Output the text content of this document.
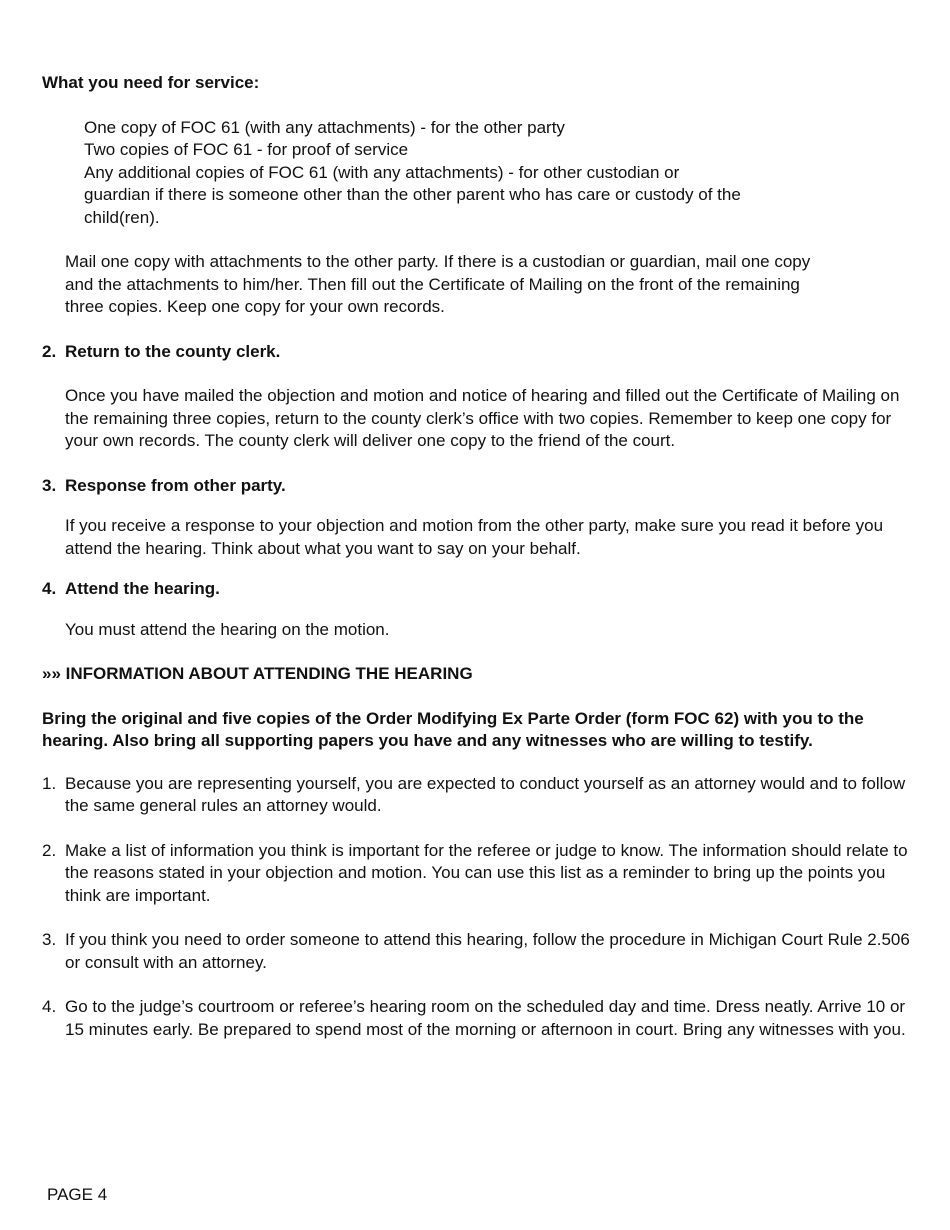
What you need for service:
One copy of FOC 61 (with any attachments) - for the other party
Two copies of FOC 61 - for proof of service
Any additional copies of FOC 61 (with any attachments) - for other custodian or
guardian if there is someone other than the other parent who has care or custody of the
child(ren).
Mail one copy with attachments to the other party. If there is a custodian or guardian, mail one copy and the attachments to him/her. Then fill out the Certificate of Mailing on the front of the remaining three copies. Keep one copy for your own records.
2. Return to the county clerk.
Once you have mailed the objection and motion and notice of hearing and filled out the Certificate of Mailing on the remaining three copies, return to the county clerk’s office with two copies. Remember to keep one copy for your own records. The county clerk will deliver one copy to the friend of the court.
3. Response from other party.
If you receive a response to your objection and motion from the other party, make sure you read it before you attend the hearing. Think about what you want to say on your behalf.
4. Attend the hearing.
You must attend the hearing on the motion.
»» INFORMATION ABOUT ATTENDING THE HEARING
Bring the original and five copies of the Order Modifying Ex Parte Order (form FOC 62) with you to the hearing. Also bring all supporting papers you have and any witnesses who are willing to testify.
1. Because you are representing yourself, you are expected to conduct yourself as an attorney would and to follow the same general rules an attorney would.
2. Make a list of information you think is important for the referee or judge to know. The information should relate to the reasons stated in your objection and motion. You can use this list as a reminder to bring up the points you think are important.
3. If you think you need to order someone to attend this hearing, follow the procedure in Michigan Court Rule 2.506 or consult with an attorney.
4. Go to the judge’s courtroom or referee’s hearing room on the scheduled day and time. Dress neatly. Arrive 10 or 15 minutes early. Be prepared to spend most of the morning or afternoon in court. Bring any witnesses with you.
PAGE 4
